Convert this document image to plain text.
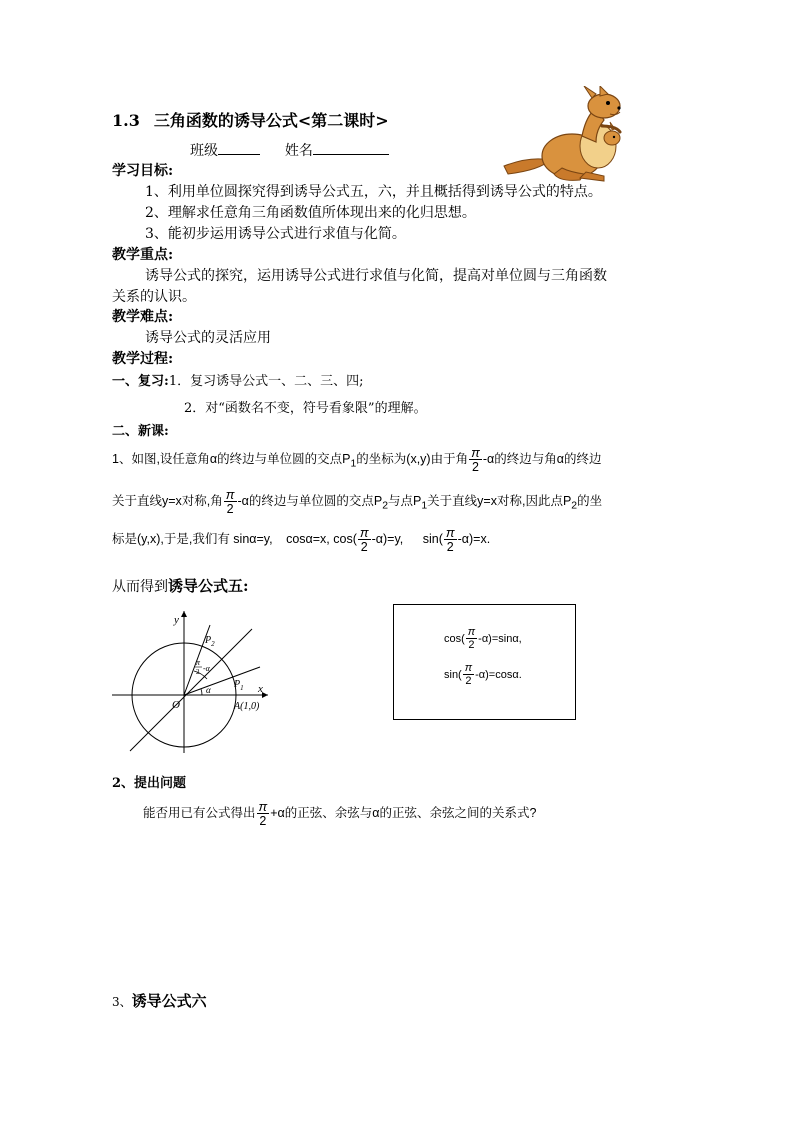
1.3 三角函数的诱导公式<第二课时>
班级	姓名
学习目标:
1、利用单位圆探究得到诱导公式五，六，并且概括得到诱导公式的特点。
2、理解求任意角三角函数值所体现出来的化归思想。
3、能初步运用诱导公式进行求值与化简。
教学重点:
诱导公式的探究，运用诱导公式进行求值与化简，提高对单位圆与三角函数
关系的认识。
教学难点:
诱导公式的灵活应用
教学过程:
一、复习:1．复习诱导公式一、二、三、四;
2．对“函数名不变，符号看象限”的理解。
二、新课:
1、如图,设任意角α的终边与单位圆的交点$P_1$的坐标为(x,y)由于角 $\frac{\pi}{2} -\alpha$的终边与角α的终边
关于直线y=x对称,角 $\frac{\pi}{2} -\alpha$的终边与单位圆的交点$P_2$与点$P_1$关于直线y=x对称,因此点$P_2$的坐
标是(y,x),于是,我们有 sinα=y, cosα=x, $\cos( \frac{\pi}{2} -\alpha)=y$, $\sin( \frac{\pi}{2} -\alpha)=x$.
从而得到诱导公式五:
y
x
$P_2$
$P_1$
O	A(1,0)
α
π
2 -α
$\cos( \frac{\pi}{2} -\alpha)=\sin\alpha$,
$\sin( \frac{\pi}{2} -\alpha)=\cos\alpha$.
2、提出问题
能否用已有公式得出 $\frac{\pi}{2} +\alpha$的正弦、余弦与α的正弦、余弦之间的关系式?
3、诱导公式六
